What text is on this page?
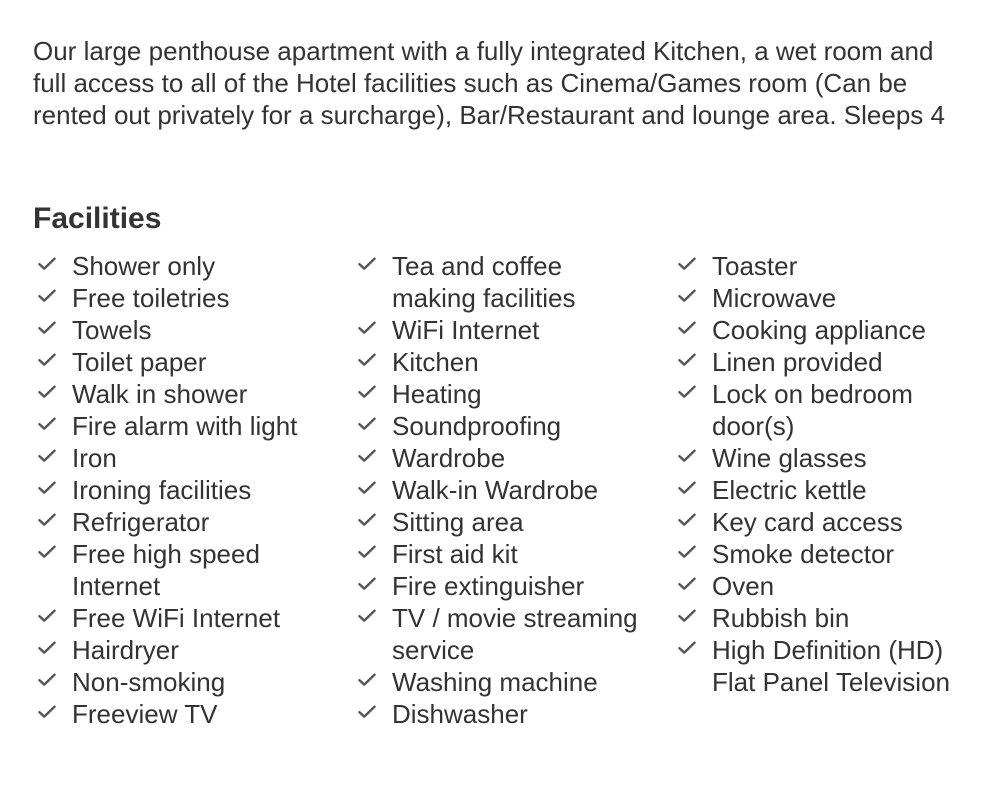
Our large penthouse apartment with a fully integrated Kitchen, a wet room and full access to all of the Hotel facilities such as Cinema/Games room (Can be rented out privately for a surcharge), Bar/Restaurant and lounge area. Sleeps 4

Facilities
Shower only
Free toiletries
Towels
Toilet paper
Walk in shower
Fire alarm with light
Iron
Ironing facilities
Refrigerator
Free high speed Internet
Free WiFi Internet
Hairdryer
Non-smoking
Freeview TV
Tea and coffee making facilities
WiFi Internet
Kitchen
Heating
Soundproofing
Wardrobe
Walk-in Wardrobe
Sitting area
First aid kit
Fire extinguisher
TV / movie streaming service
Washing machine
Dishwasher
Toaster
Microwave
Cooking appliance
Linen provided
Lock on bedroom door(s)
Wine glasses
Electric kettle
Key card access
Smoke detector
Oven
Rubbish bin
High Definition (HD) Flat Panel Television
